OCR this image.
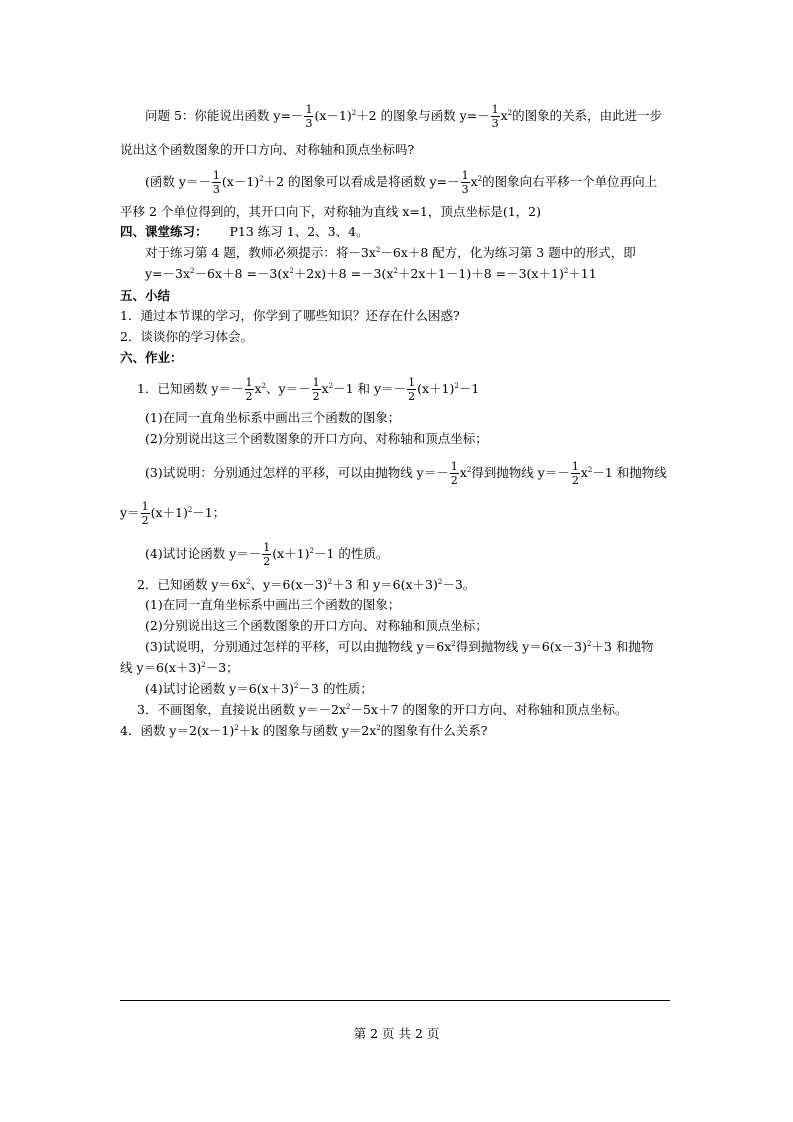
问题 5：你能说出函数 $y=- \frac{1}{3} (x-1)^2+2$ 的图象与函数 $y=- \frac{1}{3} x^2$的图象的关系，由此进一步
说出这个函数图象的开口方向、对称轴和顶点坐标吗?
(函数 $y=- \frac{1}{3} (x-1)^2+2$ 的图象可以看成是将函数 $y=- \frac{1}{3} x^2$的图象向右平移一个单位再向上
平移 2 个单位得到的，其开口向下，对称轴为直线 x=1，顶点坐标是(1，2)
四、课堂练习： P13 练习 1、2、3、4。
对于练习第 4 题，教师必须提示：将$-3x^2-6x+8$ 配方，化为练习第 3 题中的形式，即
$y=-3x^2-6x+8 =-3(x^2+2x)+8 =-3(x^2+2x+1-1)+8 =-3(x+1)^2+11$
五、小结
1．通过本节课的学习，你学到了哪些知识？还存在什么困惑?
2．谈谈你的学习体会。
六、作业：
1．已知函数 $y=- \frac{1}{2} x^2$、$y=- \frac{1}{2} x^2-1$ 和 $y=- \frac{1}{2} (x+1)^2-1$
(1)在同一直角坐标系中画出三个函数的图象；
(2)分别说出这三个函数图象的开口方向、对称轴和顶点坐标；
(3)试说明：分别通过怎样的平移，可以由抛物线 $y=- \frac{1}{2} x^2$得到抛物线 $y=- \frac{1}{2} x^2-1$ 和抛物线
$y= \frac{1}{2} (x+1)^2-1$；
(4)试讨论函数 $y=- \frac{1}{2} (x+1)^2-1$ 的性质。
2．已知函数 $y=6x^2$、$y=6(x-3)^2+3$ 和 $y=6(x+3)^2-3$。
(1)在同一直角坐标系中画出三个函数的图象；
(2)分别说出这三个函数图象的开口方向、对称轴和顶点坐标；
(3)试说明，分别通过怎样的平移，可以由抛物线 $y=6x^2$得到抛物线 $y=6(x-3)^2+3$ 和抛物
线 $y=6(x+3)^2-3$；
(4)试讨论函数 $y=6(x+3)^2-3$ 的性质；
3．不画图象，直接说出函数 $y=-2x^2-5x+7$ 的图象的开口方向、对称轴和顶点坐标。
4．函数 $y=2(x-1)^2+k$ 的图象与函数 $y=2x^2$的图象有什么关系?
第 2 页 共 2 页
